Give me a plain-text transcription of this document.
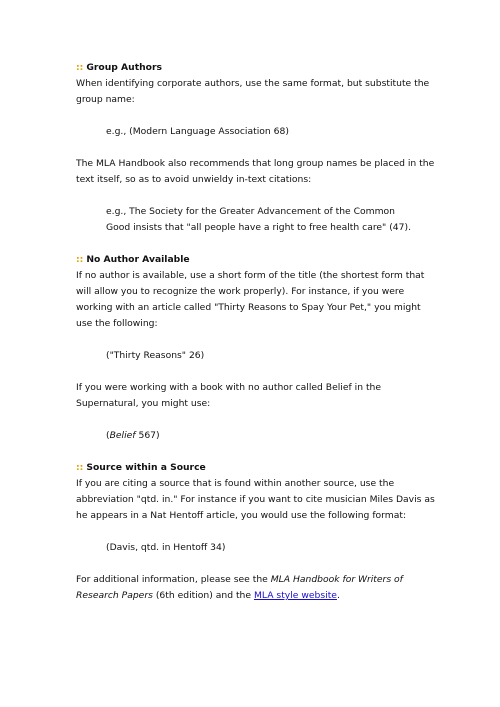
:: Group Authors

When identifying corporate authors, use the same format, but substitute the group name:

e.g., (Modern Language Association 68)

The MLA Handbook also recommends that long group names be placed in the text itself, so as to avoid unwieldy in-text citations:

e.g., The Society for the Greater Advancement of the Common

Good insists that "all people have a right to free health care" (47).

:: No Author Available

If no author is available, use a short form of the title (the shortest form that will allow you to recognize the work properly). For instance, if you were working with an article called "Thirty Reasons to Spay Your Pet," you might use the following:

("Thirty Reasons" 26)

If you were working with a book with no author called Belief in the Supernatural, you might use:

(Belief 567)

:: Source within a Source

If you are citing a source that is found within another source, use the abbreviation "qtd. in." For instance if you want to cite musician Miles Davis as he appears in a Nat Hentoff article, you would use the following format:

(Davis, qtd. in Hentoff 34)

For additional information, please see the MLA Handbook for Writers of Research Papers (6th edition) and the MLA style website.
